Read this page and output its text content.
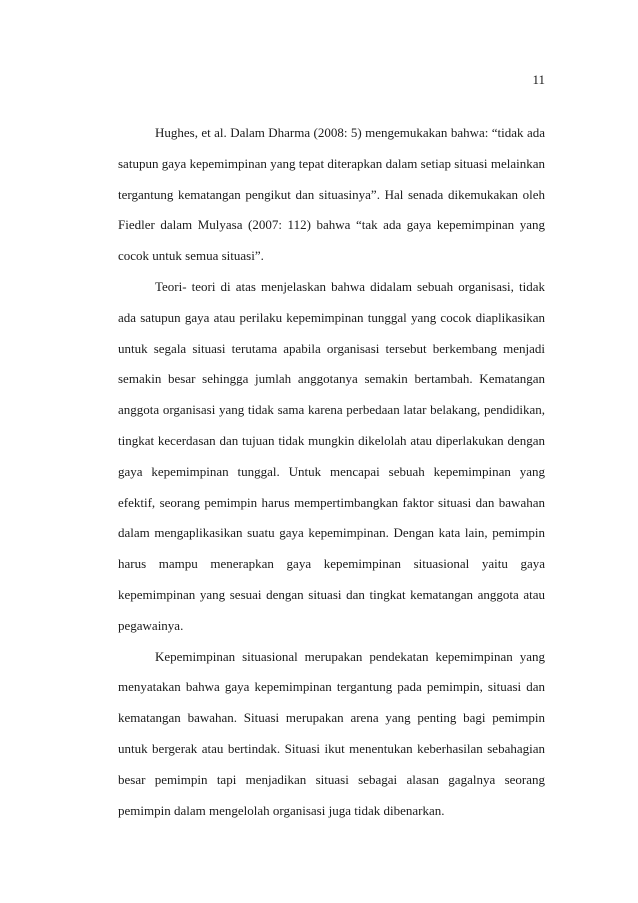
11

Hughes, et al. Dalam Dharma (2008: 5) mengemukakan bahwa: “tidak ada satupun gaya kepemimpinan yang tepat diterapkan dalam setiap situasi melainkan tergantung kematangan pengikut dan situasinya”. Hal senada dikemukakan oleh Fiedler dalam Mulyasa (2007: 112) bahwa “tak ada gaya kepemimpinan yang cocok untuk semua situasi”.

Teori- teori di atas menjelaskan bahwa didalam sebuah organisasi, tidak ada satupun gaya atau perilaku kepemimpinan tunggal yang cocok diaplikasikan untuk segala situasi terutama apabila organisasi tersebut berkembang menjadi semakin besar sehingga jumlah anggotanya semakin bertambah. Kematangan anggota organisasi yang tidak sama karena perbedaan latar belakang, pendidikan, tingkat kecerdasan dan tujuan tidak mungkin dikelolah atau diperlakukan dengan gaya kepemimpinan tunggal. Untuk mencapai sebuah kepemimpinan yang efektif, seorang pemimpin harus mempertimbangkan faktor situasi dan bawahan dalam mengaplikasikan suatu gaya kepemimpinan. Dengan kata lain, pemimpin harus mampu menerapkan gaya kepemimpinan situasional yaitu gaya kepemimpinan yang sesuai dengan situasi dan tingkat kematangan anggota atau pegawainya.

Kepemimpinan situasional merupakan pendekatan kepemimpinan yang menyatakan bahwa gaya kepemimpinan tergantung pada pemimpin, situasi dan kematangan bawahan. Situasi merupakan arena yang penting bagi pemimpin untuk bergerak atau bertindak. Situasi ikut menentukan keberhasilan sebahagian besar pemimpin tapi menjadikan situasi sebagai alasan gagalnya seorang pemimpin dalam mengelolah organisasi juga tidak dibenarkan.
